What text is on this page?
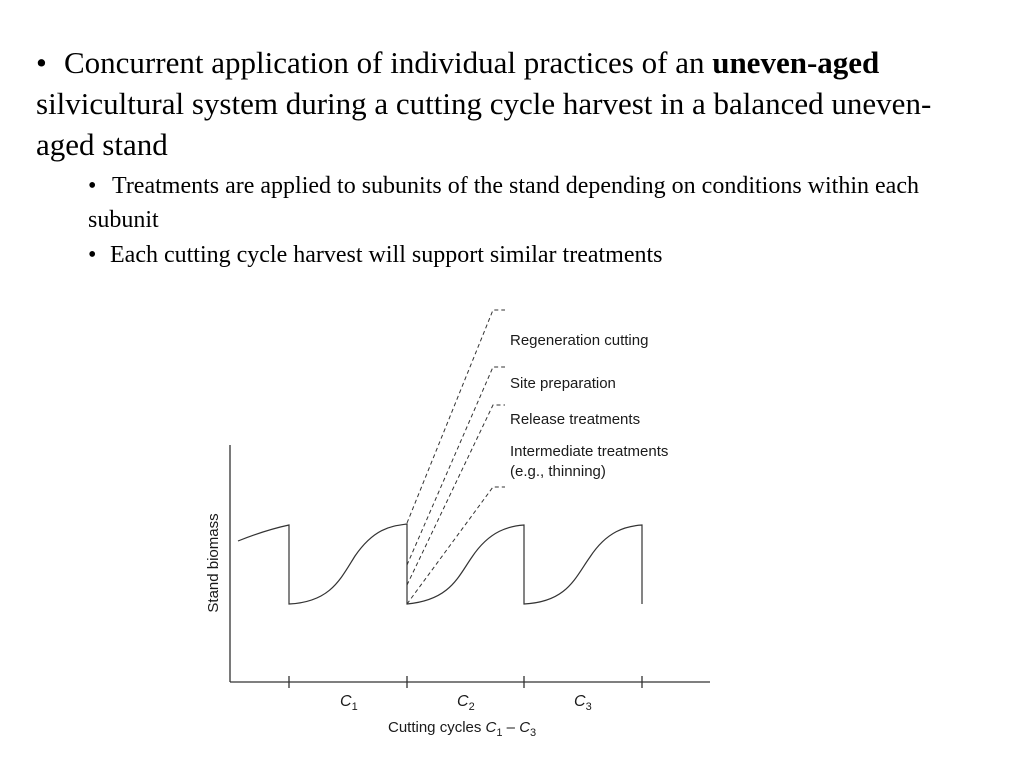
• Concurrent application of individual practices of an uneven-aged silvicultural system during a cutting cycle harvest in a balanced uneven-aged stand
• Treatments are applied to subunits of the stand depending on conditions within each subunit
• Each cutting cycle harvest will support similar treatments
Regeneration cutting
Site preparation
Release treatments
Intermediate treatments
(e.g., thinning)
Stand biomass
$C_1$	$C_2$	$C_3$
Cutting cycles $C_1 - C_3$
